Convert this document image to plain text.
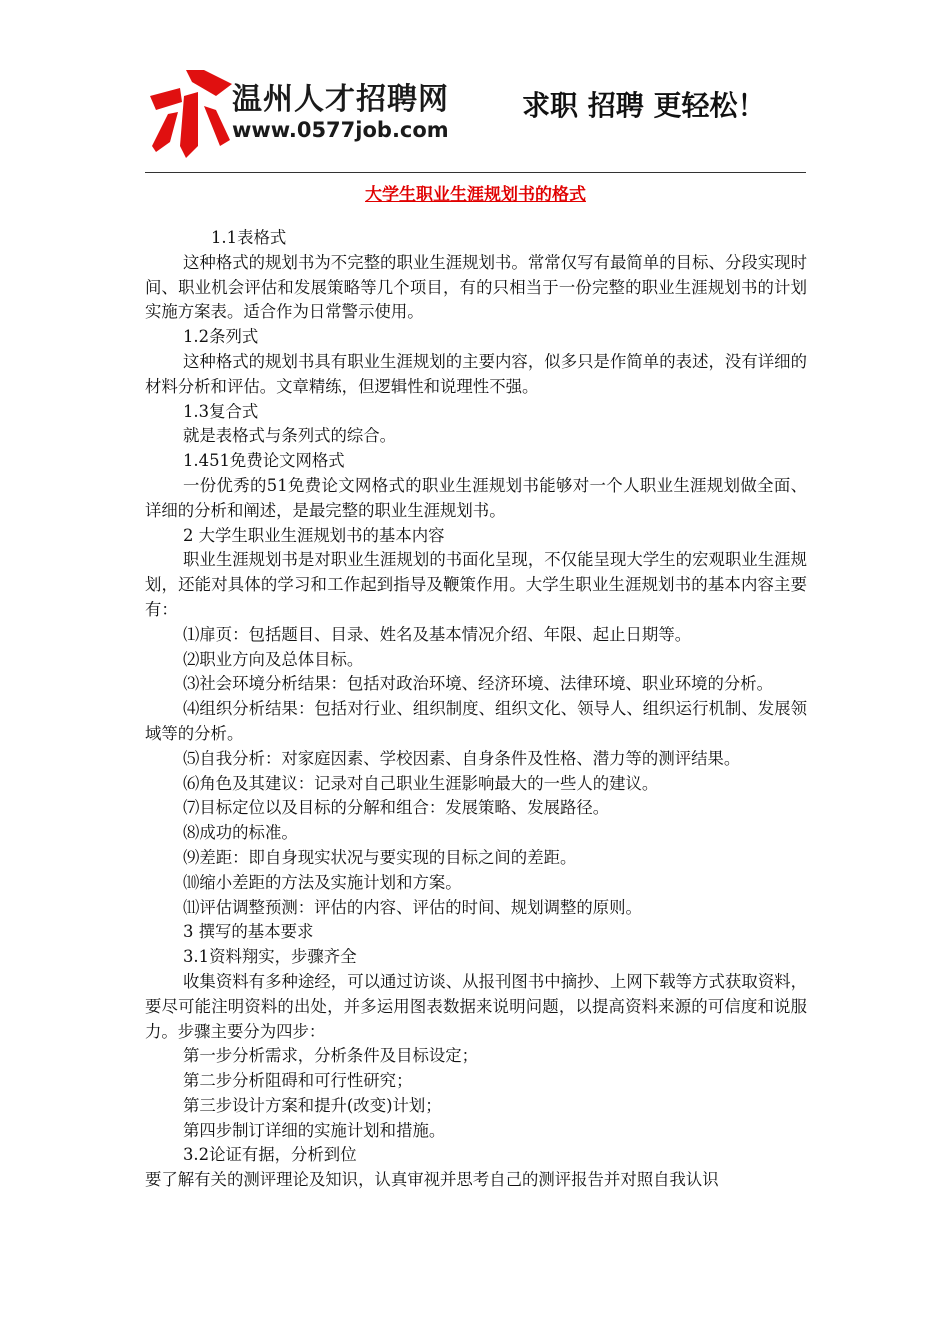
温州人才招聘网
www.0577job.com
求职 招聘 更轻松！
大学生职业生涯规划书的格式

1.1表格式

这种格式的规划书为不完整的职业生涯规划书。常常仅写有最简单的目标、分段实现时间、职业机会评估和发展策略等几个项目，有的只相当于一份完整的职业生涯规划书的计划实施方案表。适合作为日常警示使用。

1.2条列式

这种格式的规划书具有职业生涯规划的主要内容，似多只是作简单的表述，没有详细的材料分析和评估。文章精练，但逻辑性和说理性不强。

1.3复合式

就是表格式与条列式的综合。

1.451免费论文网格式

一份优秀的51免费论文网格式的职业生涯规划书能够对一个人职业生涯规划做全面、详细的分析和阐述，是最完整的职业生涯规划书。

2 大学生职业生涯规划书的基本内容

职业生涯规划书是对职业生涯规划的书面化呈现，不仅能呈现大学生的宏观职业生涯规划，还能对具体的学习和工作起到指导及鞭策作用。大学生职业生涯规划书的基本内容主要有：

⑴扉页：包括题目、目录、姓名及基本情况介绍、年限、起止日期等。

⑵职业方向及总体目标。

⑶社会环境分析结果：包括对政治环境、经济环境、法律环境、职业环境的分析。

⑷组织分析结果：包括对行业、组织制度、组织文化、领导人、组织运行机制、发展领域等的分析。

⑸自我分析：对家庭因素、学校因素、自身条件及性格、潜力等的测评结果。

⑹角色及其建议：记录对自己职业生涯影响最大的一些人的建议。

⑺目标定位以及目标的分解和组合：发展策略、发展路径。

⑻成功的标准。

⑼差距：即自身现实状况与要实现的目标之间的差距。

⑽缩小差距的方法及实施计划和方案。

⑾评估调整预测：评估的内容、评估的时间、规划调整的原则。

3 撰写的基本要求

3.1资料翔实，步骤齐全

收集资料有多种途经，可以通过访谈、从报刊图书中摘抄、上网下载等方式获取资料，要尽可能注明资料的出处，并多运用图表数据来说明问题，以提高资料来源的可信度和说服力。步骤主要分为四步：

第一步分析需求，分析条件及目标设定；

第二步分析阻碍和可行性研究；

第三步设计方案和提升(改变)计划；

第四步制订详细的实施计划和措施。

3.2论证有据，分析到位

要了解有关的测评理论及知识，认真审视并思考自己的测评报告并对照自我认识
